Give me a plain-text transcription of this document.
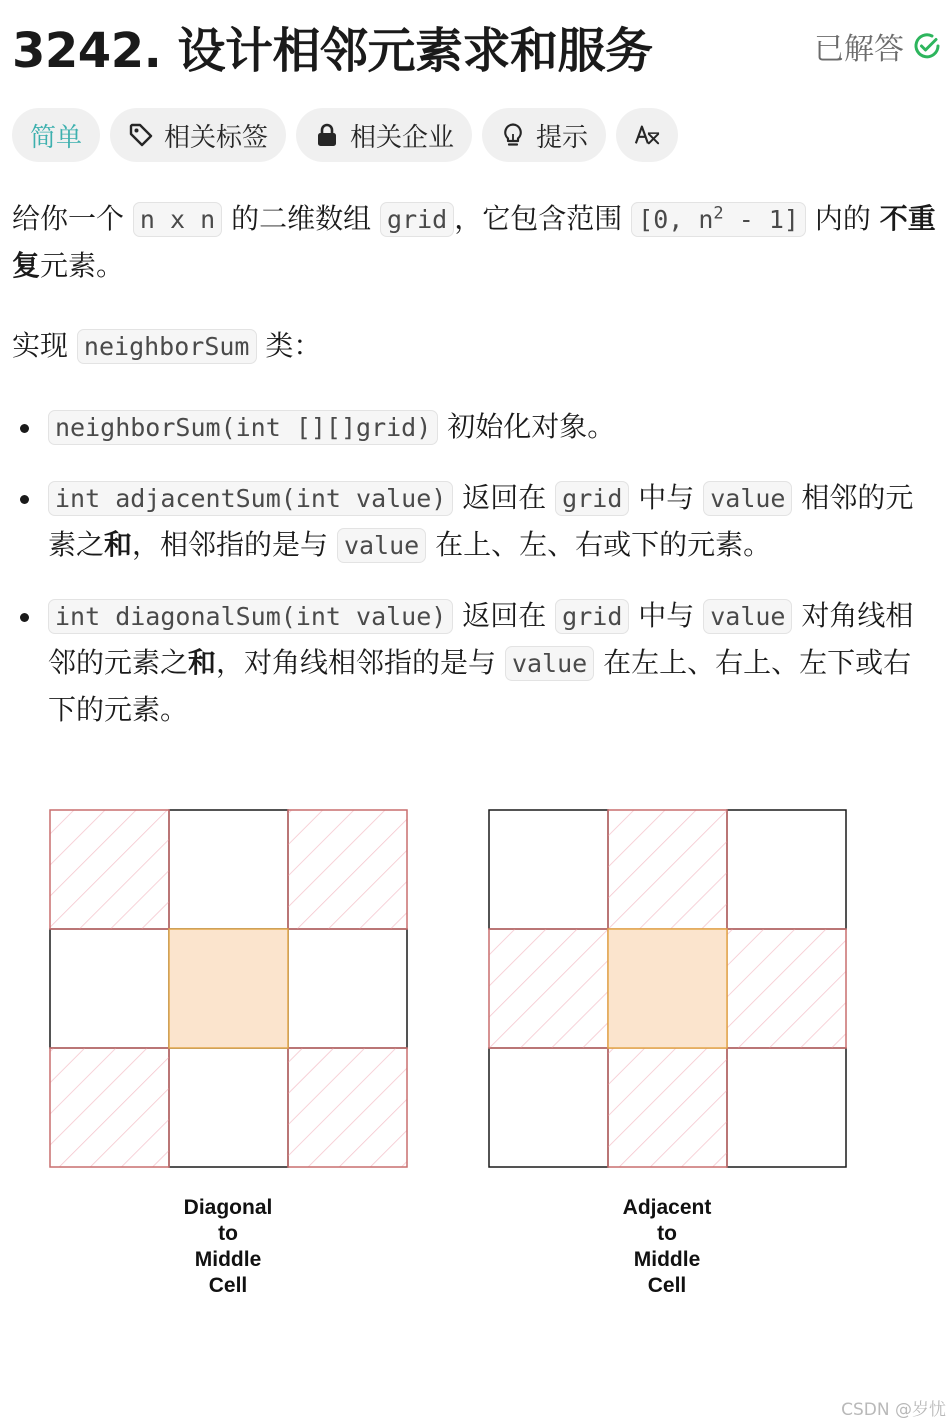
3242. 设计相邻元素求和服务	已解答
简单	相关标签	相关企业	提示
给你一个 n x n 的二维数组 grid ，它包含范围 [0, $n^2 - 1$] 内的 不重复元素。
实现 neighborSum 类：
neighborSum(int [][]grid) 初始化对象。
int adjacentSum(int value) 返回在 grid 中与 value 相邻的元素之和，相邻指的是与 value 在上、左、右或下的元素。
int diagonalSum(int value) 返回在 grid 中与 value 对角线相邻的元素之和，对角线相邻指的是与 value 在左上、右上、左下或右下的元素。
Diagonal
to
Middle
Cell
Adjacent
to
Middle
Cell
CSDN @岁忧
